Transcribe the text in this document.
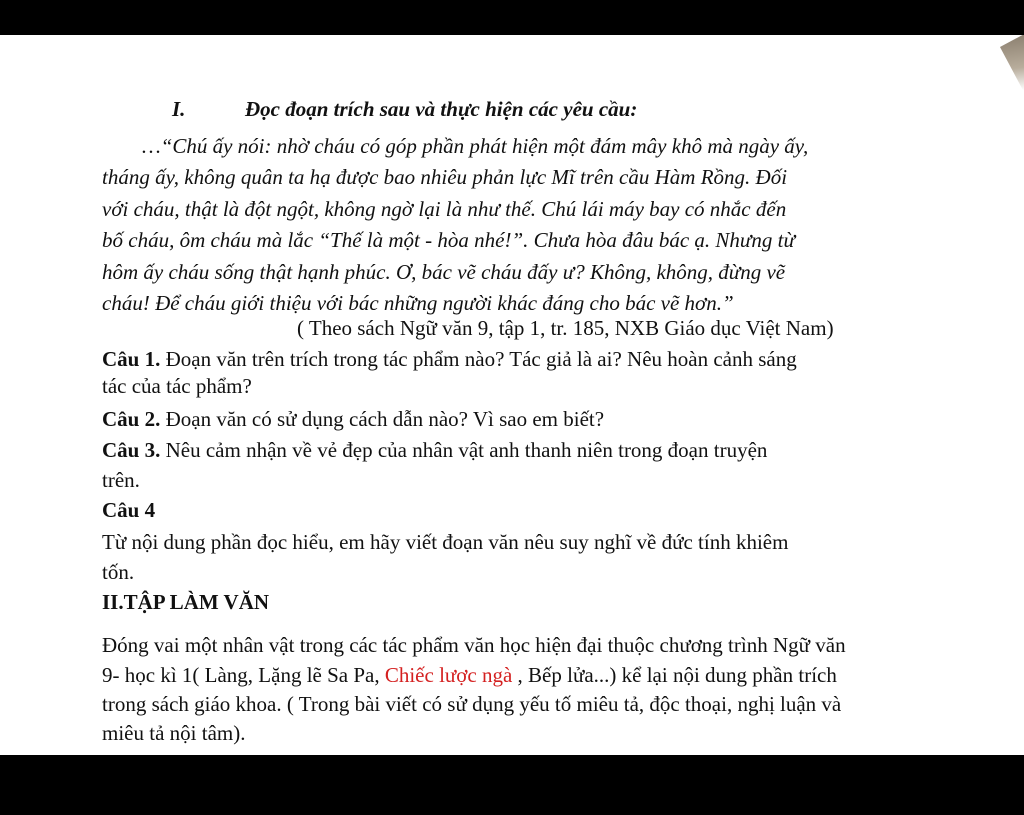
I.	Đọc đoạn trích sau và thực hiện các yêu cầu:
…“Chú ấy nói: nhờ cháu có góp phần phát hiện một đám mây khô mà ngày ấy,
tháng ấy, không quân ta hạ được bao nhiêu phản lực Mĩ trên cầu Hàm Rồng. Đối
với cháu, thật là đột ngột, không ngờ lại là như thế. Chú lái máy bay có nhắc đến
bố cháu, ôm cháu mà lắc “Thế là một - hòa nhé!”. Chưa hòa đâu bác ạ. Nhưng từ
hôm ấy cháu sống thật hạnh phúc. Ơ, bác vẽ cháu đấy ư? Không, không, đừng vẽ
cháu! Để cháu giới thiệu với bác những người khác đáng cho bác vẽ hơn.”
( Theo sách Ngữ văn 9, tập 1, tr. 185, NXB Giáo dục Việt Nam)
Câu 1. Đoạn văn trên trích trong tác phẩm nào? Tác giả là ai? Nêu hoàn cảnh sáng
tác của tác phẩm?
Câu 2. Đoạn văn có sử dụng cách dẫn nào? Vì sao em biết?
Câu 3. Nêu cảm nhận về vẻ đẹp của nhân vật anh thanh niên trong đoạn truyện
trên.
Câu 4
Từ nội dung phần đọc hiểu, em hãy viết đoạn văn nêu suy nghĩ về đức tính khiêm
tốn.
II.TẬP LÀM VĂN
Đóng vai một nhân vật trong các tác phẩm văn học hiện đại thuộc chương trình Ngữ văn
9- học kì 1( Làng, Lặng lẽ Sa Pa, Chiếc lược ngà , Bếp lửa...) kể lại nội dung phần trích
trong sách giáo khoa. ( Trong bài viết có sử dụng yếu tố miêu tả, độc thoại, nghị luận và
miêu tả nội tâm).
